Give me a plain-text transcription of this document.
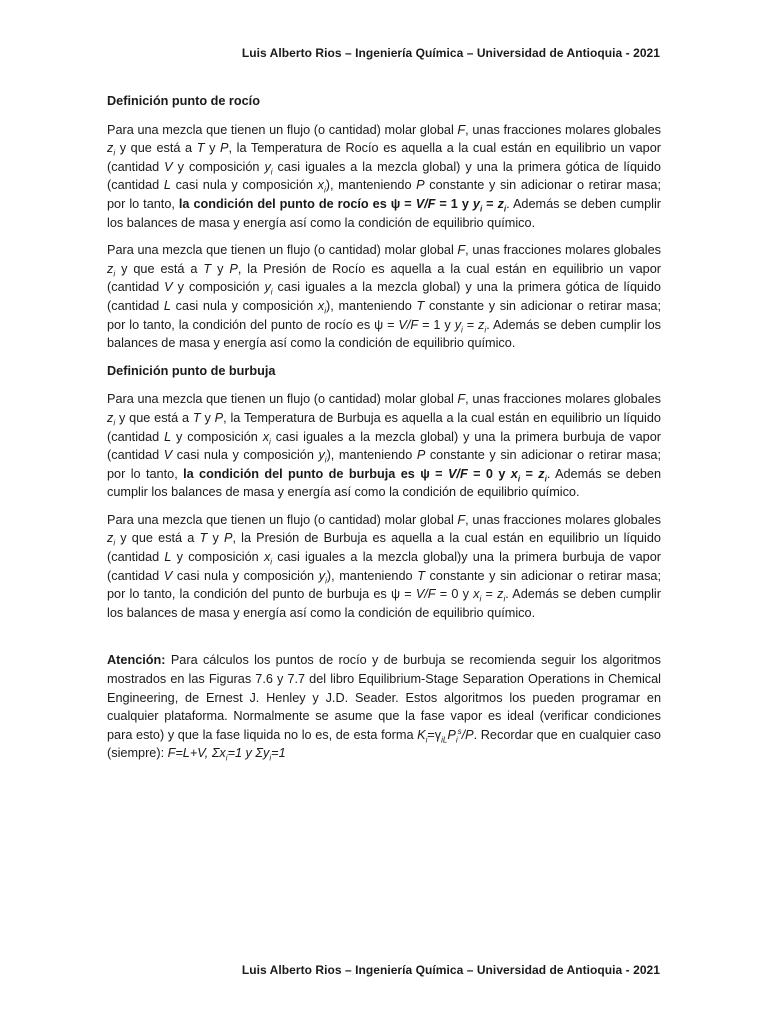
Luis Alberto Rios – Ingeniería Química – Universidad de Antioquia - 2021
Definición punto de rocío

Para una mezcla que tienen un flujo (o cantidad) molar global F, unas fracciones molares globales $z_i$ y que está a T y P, la Temperatura de Rocío es aquella a la cual están en equilibrio un vapor (cantidad V y composición $y_i$ casi iguales a la mezcla global) y una la primera gótica de líquido (cantidad L casi nula y composición $x_i$), manteniendo P constante y sin adicionar o retirar masa; por lo tanto, la condición del punto de rocío es ψ = V/F = 1 y $y_i = z_i$. Además se deben cumplir los balances de masa y energía así como la condición de equilibrio químico.

Para una mezcla que tienen un flujo (o cantidad) molar global F, unas fracciones molares globales $z_i$ y que está a T y P, la Presión de Rocío es aquella a la cual están en equilibrio un vapor (cantidad V y composición $y_i$ casi iguales a la mezcla global) y una la primera gótica de líquido (cantidad L casi nula y composición $x_i$), manteniendo T constante y sin adicionar o retirar masa; por lo tanto, la condición del punto de rocío es ψ = V/F = 1 y $y_i = z_i$. Además se deben cumplir los balances de masa y energía así como la condición de equilibrio químico.

Definición punto de burbuja

Para una mezcla que tienen un flujo (o cantidad) molar global F, unas fracciones molares globales $z_i$ y que está a T y P, la Temperatura de Burbuja es aquella a la cual están en equilibrio un líquido (cantidad L y composición $x_i$ casi iguales a la mezcla global) y una la primera burbuja de vapor (cantidad V casi nula y composición $y_i$), manteniendo P constante y sin adicionar o retirar masa; por lo tanto, la condición del punto de burbuja es ψ = V/F = 0 y $x_i = z_i$. Además se deben cumplir los balances de masa y energía así como la condición de equilibrio químico.

Para una mezcla que tienen un flujo (o cantidad) molar global F, unas fracciones molares globales $z_i$ y que está a T y P, la Presión de Burbuja es aquella a la cual están en equilibrio un líquido (cantidad L y composición $x_i$ casi iguales a la mezcla global)y una la primera burbuja de vapor (cantidad V casi nula y composición $y_i$), manteniendo T constante y sin adicionar o retirar masa; por lo tanto, la condición del punto de burbuja es ψ = V/F = 0 y $x_i = z_i$. Además se deben cumplir los balances de masa y energía así como la condición de equilibrio químico.

Atención: Para cálculos los puntos de rocío y de burbuja se recomienda seguir los algoritmos mostrados en las Figuras 7.6 y 7.7 del libro Equilibrium-Stage Separation Operations in Chemical Engineering, de Ernest J. Henley y J.D. Seader. Estos algoritmos los pueden programar en cualquier plataforma. Normalmente se asume que la fase vapor es ideal (verificar condiciones para esto) y que la fase liquida no lo es, de esta forma $K_i=\gamma_{iL}P_i^s/P$. Recordar que en cualquier caso (siempre): F=L+V, $\Sigma x_i=1$ y $\Sigma y_i=1$

Luis Alberto Rios – Ingeniería Química – Universidad de Antioquia - 2021
